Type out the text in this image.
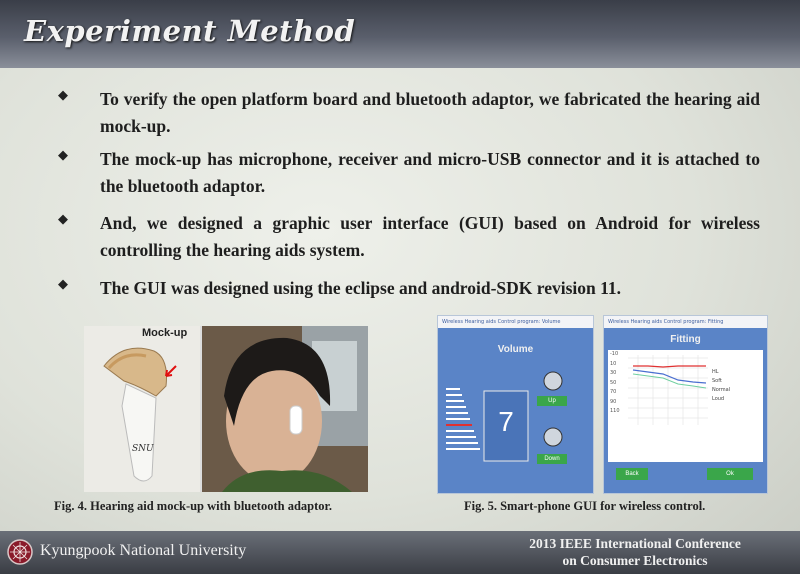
Experiment Method
◆ To verify the open platform board and bluetooth adaptor, we fabricated the hearing aid mock-up.
◆ The mock-up has microphone, receiver and micro-USB connector and it is attached to the bluetooth adaptor.
◆ And, we designed a graphic user interface (GUI) based on Android for wireless controlling the hearing aids system.
◆ The GUI was designed using the eclipse and android-SDK revision 11.
SNU
Mock-up
Wireless Hearing aids Control program: Volume
Volume
7
Up
Down
Wireless Hearing aids Control program: Fitting
Fitting
-10
10
30
50
70
90
110
HL
Soft
Normal
Loud
Back	Ok
Fig. 4. Hearing aid mock-up with bluetooth adaptor.	Fig. 5. Smart-phone GUI for wireless control.
Kyungpook National University	2013 IEEE International Conference
on Consumer Electronics
